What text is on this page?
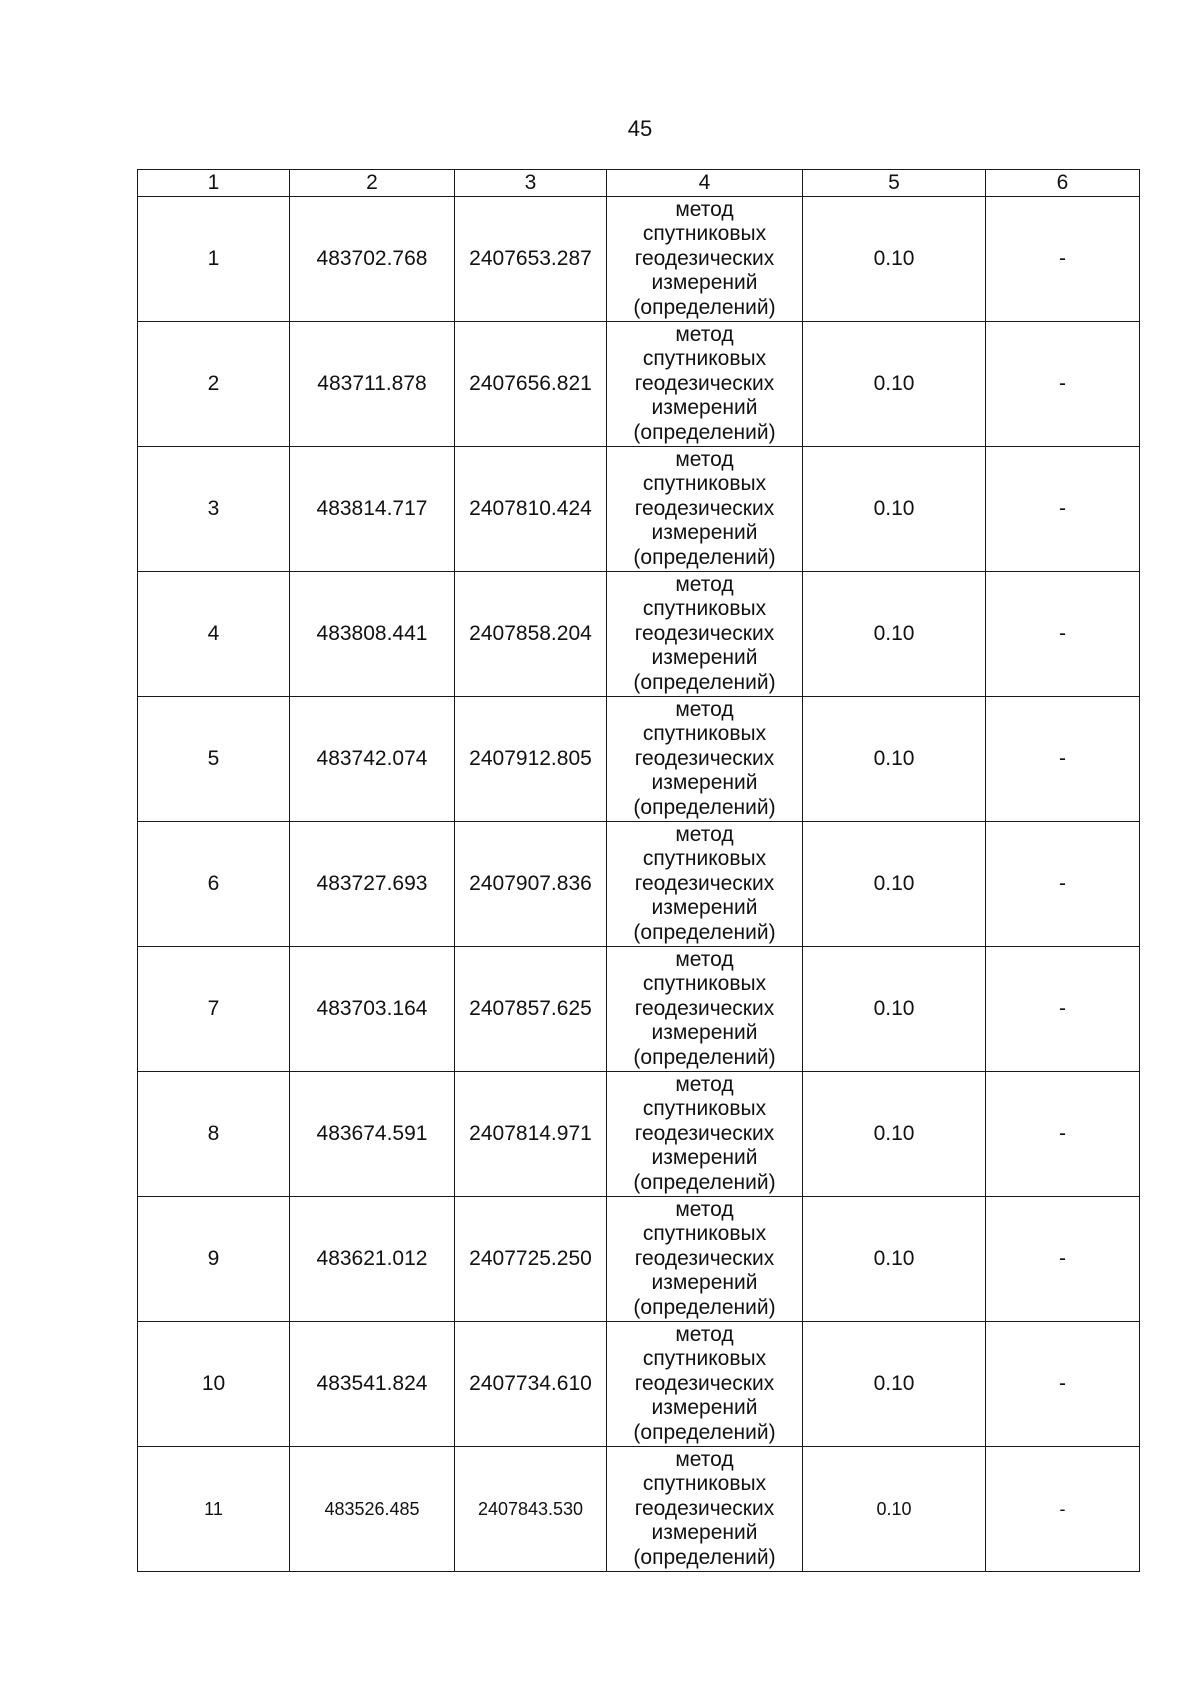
45
1	2	3	4	5	6
1	483702.768	2407653.287	метод
спутниковых
геодезических
измерений
(определений)	0.10	-
2	483711.878	2407656.821	метод
спутниковых
геодезических
измерений
(определений)	0.10	-
3	483814.717	2407810.424	метод
спутниковых
геодезических
измерений
(определений)	0.10	-
4	483808.441	2407858.204	метод
спутниковых
геодезических
измерений
(определений)	0.10	-
5	483742.074	2407912.805	метод
спутниковых
геодезических
измерений
(определений)	0.10	-
6	483727.693	2407907.836	метод
спутниковых
геодезических
измерений
(определений)	0.10	-
7	483703.164	2407857.625	метод
спутниковых
геодезических
измерений
(определений)	0.10	-
8	483674.591	2407814.971	метод
спутниковых
геодезических
измерений
(определений)	0.10	-
9	483621.012	2407725.250	метод
спутниковых
геодезических
измерений
(определений)	0.10	-
10	483541.824	2407734.610	метод
спутниковых
геодезических
измерений
(определений)	0.10	-
11	483526.485	2407843.530	метод
спутниковых
геодезических
измерений
(определений)	0.10	-
